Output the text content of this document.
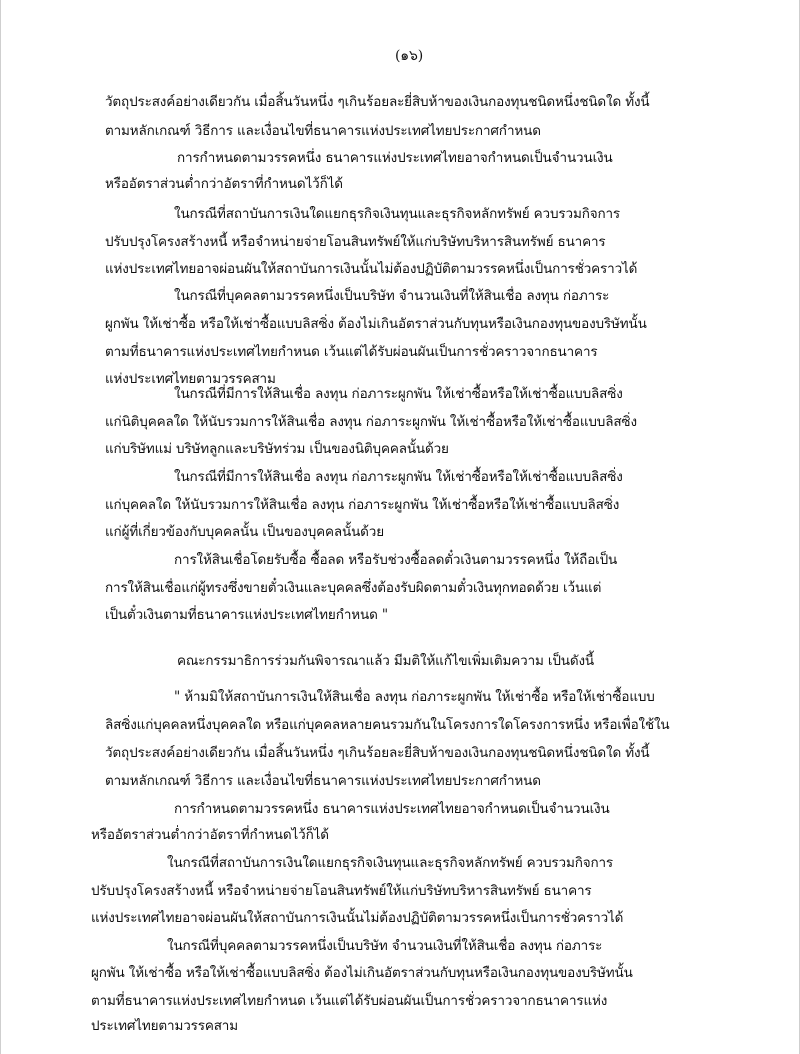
(๑๖)
วัตถุประสงค์อย่างเดียวกัน เมื่อสิ้นวันหนึ่ง ๆเกินร้อยละยี่สิบห้าของเงินกองทุนชนิดหนึ่งชนิดใด ทั้งนี้
ตามหลักเกณฑ์ วิธีการ และเงื่อนไขที่ธนาคารแห่งประเทศไทยประกาศกำหนด
การกำหนดตามวรรคหนึ่ง ธนาคารแห่งประเทศไทยอาจกำหนดเป็นจำนวนเงิน
หรืออัตราส่วนต่ำกว่าอัตราที่กำหนดไว้ก็ได้
ในกรณีที่สถาบันการเงินใดแยกธุรกิจเงินทุนและธุรกิจหลักทรัพย์ ควบรวมกิจการ
ปรับปรุงโครงสร้างหนี้ หรือจำหน่ายจ่ายโอนสินทรัพย์ให้แก่บริษัทบริหารสินทรัพย์ ธนาคาร
แห่งประเทศไทยอาจผ่อนผันให้สถาบันการเงินนั้นไม่ต้องปฏิบัติตามวรรคหนึ่งเป็นการชั่วคราวได้
ในกรณีที่บุคคลตามวรรคหนึ่งเป็นบริษัท จำนวนเงินที่ให้สินเชื่อ ลงทุน ก่อภาระ
ผูกพัน ให้เช่าซื้อ หรือให้เช่าซื้อแบบลิสซิ่ง ต้องไม่เกินอัตราส่วนกับทุนหรือเงินกองทุนของบริษัทนั้น
ตามที่ธนาคารแห่งประเทศไทยกำหนด เว้นแต่ได้รับผ่อนผันเป็นการชั่วคราวจากธนาคาร
แห่งประเทศไทยตามวรรคสาม
ในกรณีที่มีการให้สินเชื่อ ลงทุน ก่อภาระผูกพัน ให้เช่าซื้อหรือให้เช่าซื้อแบบลิสซิ่ง
แก่นิติบุคคลใด ให้นับรวมการให้สินเชื่อ ลงทุน ก่อภาระผูกพัน ให้เช่าซื้อหรือให้เช่าซื้อแบบลิสซิ่ง
แก่บริษัทแม่ บริษัทลูกและบริษัทร่วม เป็นของนิติบุคคลนั้นด้วย
ในกรณีที่มีการให้สินเชื่อ ลงทุน ก่อภาระผูกพัน ให้เช่าซื้อหรือให้เช่าซื้อแบบลิสซิ่ง
แก่บุคคลใด ให้นับรวมการให้สินเชื่อ ลงทุน ก่อภาระผูกพัน ให้เช่าซื้อหรือให้เช่าซื้อแบบลิสซิ่ง
แก่ผู้ที่เกี่ยวข้องกับบุคคลนั้น เป็นของบุคคลนั้นด้วย
การให้สินเชื่อโดยรับซื้อ ซื้อลด หรือรับช่วงซื้อลดตั๋วเงินตามวรรคหนึ่ง ให้ถือเป็น
การให้สินเชื่อแก่ผู้ทรงซึ่งขายตั๋วเงินและบุคคลซึ่งต้องรับผิดตามตั๋วเงินทุกทอดด้วย เว้นแต่
เป็นตั๋วเงินตามที่ธนาคารแห่งประเทศไทยกำหนด "
คณะกรรมาธิการร่วมกันพิจารณาแล้ว มีมติให้แก้ไขเพิ่มเติมความ เป็นดังนี้
" ห้ามมิให้สถาบันการเงินให้สินเชื่อ ลงทุน ก่อภาระผูกพัน ให้เช่าซื้อ หรือให้เช่าซื้อแบบ
ลิสซิ่งแก่บุคคลหนึ่งบุคคลใด หรือแก่บุคคลหลายคนรวมกันในโครงการใดโครงการหนึ่ง หรือเพื่อใช้ใน
วัตถุประสงค์อย่างเดียวกัน เมื่อสิ้นวันหนึ่ง ๆเกินร้อยละยี่สิบห้าของเงินกองทุนชนิดหนึ่งชนิดใด ทั้งนี้
ตามหลักเกณฑ์ วิธีการ และเงื่อนไขที่ธนาคารแห่งประเทศไทยประกาศกำหนด
การกำหนดตามวรรคหนึ่ง ธนาคารแห่งประเทศไทยอาจกำหนดเป็นจำนวนเงิน
หรืออัตราส่วนต่ำกว่าอัตราที่กำหนดไว้ก็ได้
ในกรณีที่สถาบันการเงินใดแยกธุรกิจเงินทุนและธุรกิจหลักทรัพย์ ควบรวมกิจการ
ปรับปรุงโครงสร้างหนี้ หรือจำหน่ายจ่ายโอนสินทรัพย์ให้แก่บริษัทบริหารสินทรัพย์ ธนาคาร
แห่งประเทศไทยอาจผ่อนผันให้สถาบันการเงินนั้นไม่ต้องปฏิบัติตามวรรคหนึ่งเป็นการชั่วคราวได้
ในกรณีที่บุคคลตามวรรคหนึ่งเป็นบริษัท จำนวนเงินที่ให้สินเชื่อ ลงทุน ก่อภาระ
ผูกพัน ให้เช่าซื้อ หรือให้เช่าซื้อแบบลิสซิ่ง ต้องไม่เกินอัตราส่วนกับทุนหรือเงินกองทุนของบริษัทนั้น
ตามที่ธนาคารแห่งประเทศไทยกำหนด เว้นแต่ได้รับผ่อนผันเป็นการชั่วคราวจากธนาคารแห่ง
ประเทศไทยตามวรรคสาม
